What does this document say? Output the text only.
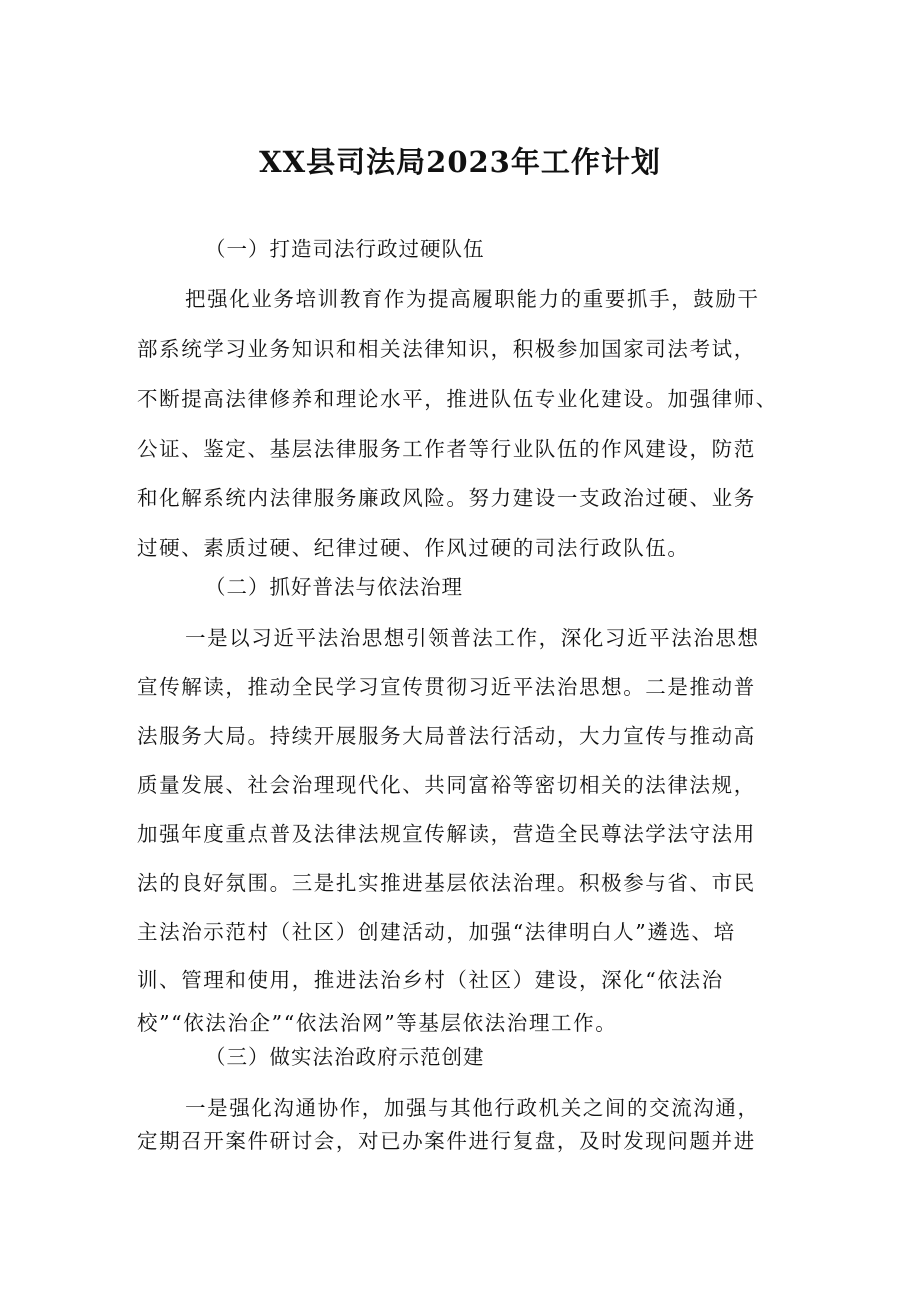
XX县司法局2023年工作计划
（一）打造司法行政过硬队伍
把强化业务培训教育作为提高履职能力的重要抓手，鼓励干
部系统学习业务知识和相关法律知识，积极参加国家司法考试，
不断提高法律修养和理论水平，推进队伍专业化建设。加强律师、
公证、鉴定、基层法律服务工作者等行业队伍的作风建设，防范
和化解系统内法律服务廉政风险。努力建设一支政治过硬、业务
过硬、素质过硬、纪律过硬、作风过硬的司法行政队伍。
（二）抓好普法与依法治理
一是以习近平法治思想引领普法工作，深化习近平法治思想
宣传解读，推动全民学习宣传贯彻习近平法治思想。二是推动普
法服务大局。持续开展服务大局普法行活动，大力宣传与推动高
质量发展、社会治理现代化、共同富裕等密切相关的法律法规，
加强年度重点普及法律法规宣传解读，营造全民尊法学法守法用
法的良好氛围。三是扎实推进基层依法治理。积极参与省、市民
主法治示范村（社区）创建活动，加强“法律明白人”遴选、培
训、管理和使用，推进法治乡村（社区）建设，深化“依法治
校”“依法治企”“依法治网”等基层依法治理工作。
（三）做实法治政府示范创建
一是强化沟通协作，加强与其他行政机关之间的交流沟通，
定期召开案件研讨会，对已办案件进行复盘，及时发现问题并进
